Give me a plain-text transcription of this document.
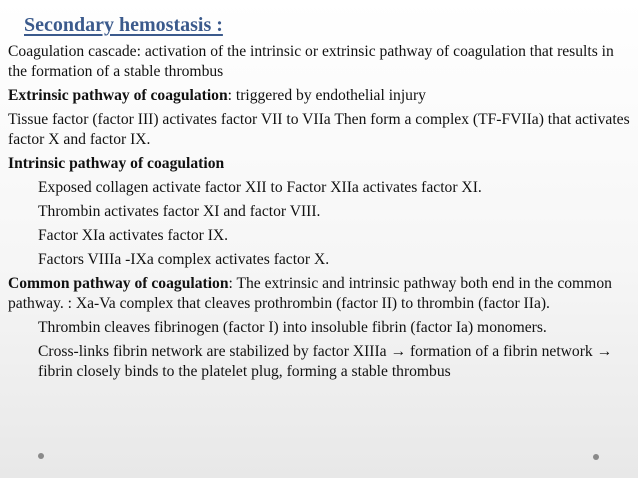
Secondary hemostasis :

Coagulation cascade: activation of the intrinsic or extrinsic pathway of coagulation that results in the formation of a stable thrombus

Extrinsic pathway of coagulation: triggered by endothelial injury

Tissue factor (factor III) activates factor VII to VIIa Then form a complex (TF-FVIIa) that activates factor X and factor IX.

Intrinsic pathway of coagulation

Exposed collagen activate factor XII to Factor XIIa activates factor XI.

Thrombin activates factor XI and factor VIII.

Factor XIa activates factor IX.

Factors VIIIa -IXa complex activates factor X.

Common pathway of coagulation: The extrinsic and intrinsic pathway both end in the common pathway. : Xa-Va complex that cleaves prothrombin (factor II) to thrombin (factor IIa).

Thrombin cleaves fibrinogen (factor I) into insoluble fibrin (factor Ia) monomers.

Cross-links fibrin network are stabilized by factor XIIIa → formation of a fibrin network → fibrin closely binds to the platelet plug, forming a stable thrombus
